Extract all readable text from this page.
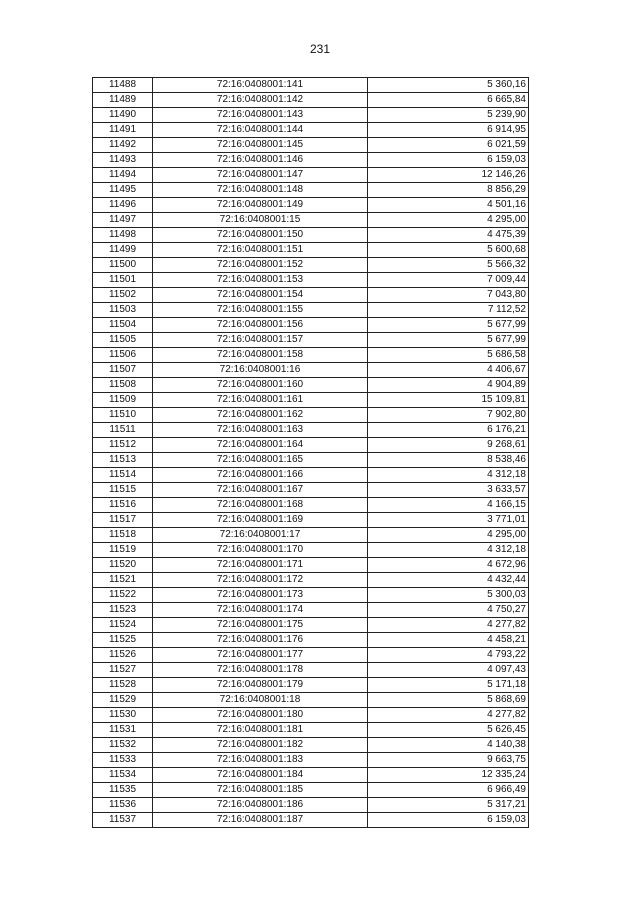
231
11488	72:16:0408001:141	5 360,16
11489	72:16:0408001:142	6 665,84
11490	72:16:0408001:143	5 239,90
11491	72:16:0408001:144	6 914,95
11492	72:16:0408001:145	6 021,59
11493	72:16:0408001:146	6 159,03
11494	72:16:0408001:147	12 146,26
11495	72:16:0408001:148	8 856,29
11496	72:16:0408001:149	4 501,16
11497	72:16:0408001:15	4 295,00
11498	72:16:0408001:150	4 475,39
11499	72:16:0408001:151	5 600,68
11500	72:16:0408001:152	5 566,32
11501	72:16:0408001:153	7 009,44
11502	72:16:0408001:154	7 043,80
11503	72:16:0408001:155	7 112,52
11504	72:16:0408001:156	5 677,99
11505	72:16:0408001:157	5 677,99
11506	72:16:0408001:158	5 686,58
11507	72:16:0408001:16	4 406,67
11508	72:16:0408001:160	4 904,89
11509	72:16:0408001:161	15 109,81
11510	72:16:0408001:162	7 902,80
11511	72:16:0408001:163	6 176,21
11512	72:16:0408001:164	9 268,61
11513	72:16:0408001:165	8 538,46
11514	72:16:0408001:166	4 312,18
11515	72:16:0408001:167	3 633,57
11516	72:16:0408001:168	4 166,15
11517	72:16:0408001:169	3 771,01
11518	72:16:0408001:17	4 295,00
11519	72:16:0408001:170	4 312,18
11520	72:16:0408001:171	4 672,96
11521	72:16:0408001:172	4 432,44
11522	72:16:0408001:173	5 300,03
11523	72:16:0408001:174	4 750,27
11524	72:16:0408001:175	4 277,82
11525	72:16:0408001:176	4 458,21
11526	72:16:0408001:177	4 793,22
11527	72:16:0408001:178	4 097,43
11528	72:16:0408001:179	5 171,18
11529	72:16:0408001:18	5 868,69
11530	72:16:0408001:180	4 277,82
11531	72:16:0408001:181	5 626,45
11532	72:16:0408001:182	4 140,38
11533	72:16:0408001:183	9 663,75
11534	72:16:0408001:184	12 335,24
11535	72:16:0408001:185	6 966,49
11536	72:16:0408001:186	5 317,21
11537	72:16:0408001:187	6 159,03
